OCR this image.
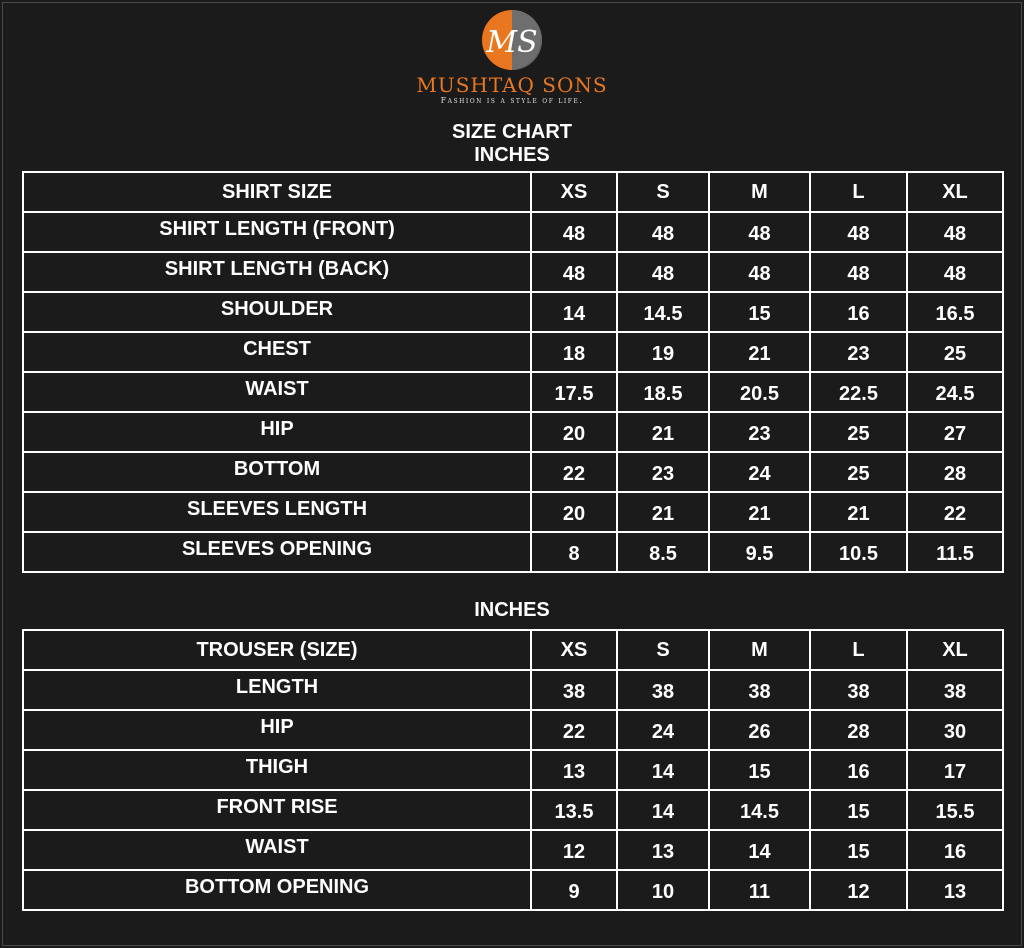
MS
MUSHTAQ SONS
Fashion is a style of life.
SIZE CHART
INCHES
SHIRT SIZE	XS	S	M	L	XL
SHIRT LENGTH (FRONT)	48	48	48	48	48
SHIRT LENGTH (BACK)	48	48	48	48	48
SHOULDER	14	14.5	15	16	16.5
CHEST	18	19	21	23	25
WAIST	17.5	18.5	20.5	22.5	24.5
HIP	20	21	23	25	27
BOTTOM	22	23	24	25	28
SLEEVES LENGTH	20	21	21	21	22
SLEEVES OPENING	8	8.5	9.5	10.5	11.5
INCHES
TROUSER (SIZE)	XS	S	M	L	XL
LENGTH	38	38	38	38	38
HIP	22	24	26	28	30
THIGH	13	14	15	16	17
FRONT RISE	13.5	14	14.5	15	15.5
WAIST	12	13	14	15	16
BOTTOM OPENING	9	10	11	12	13
